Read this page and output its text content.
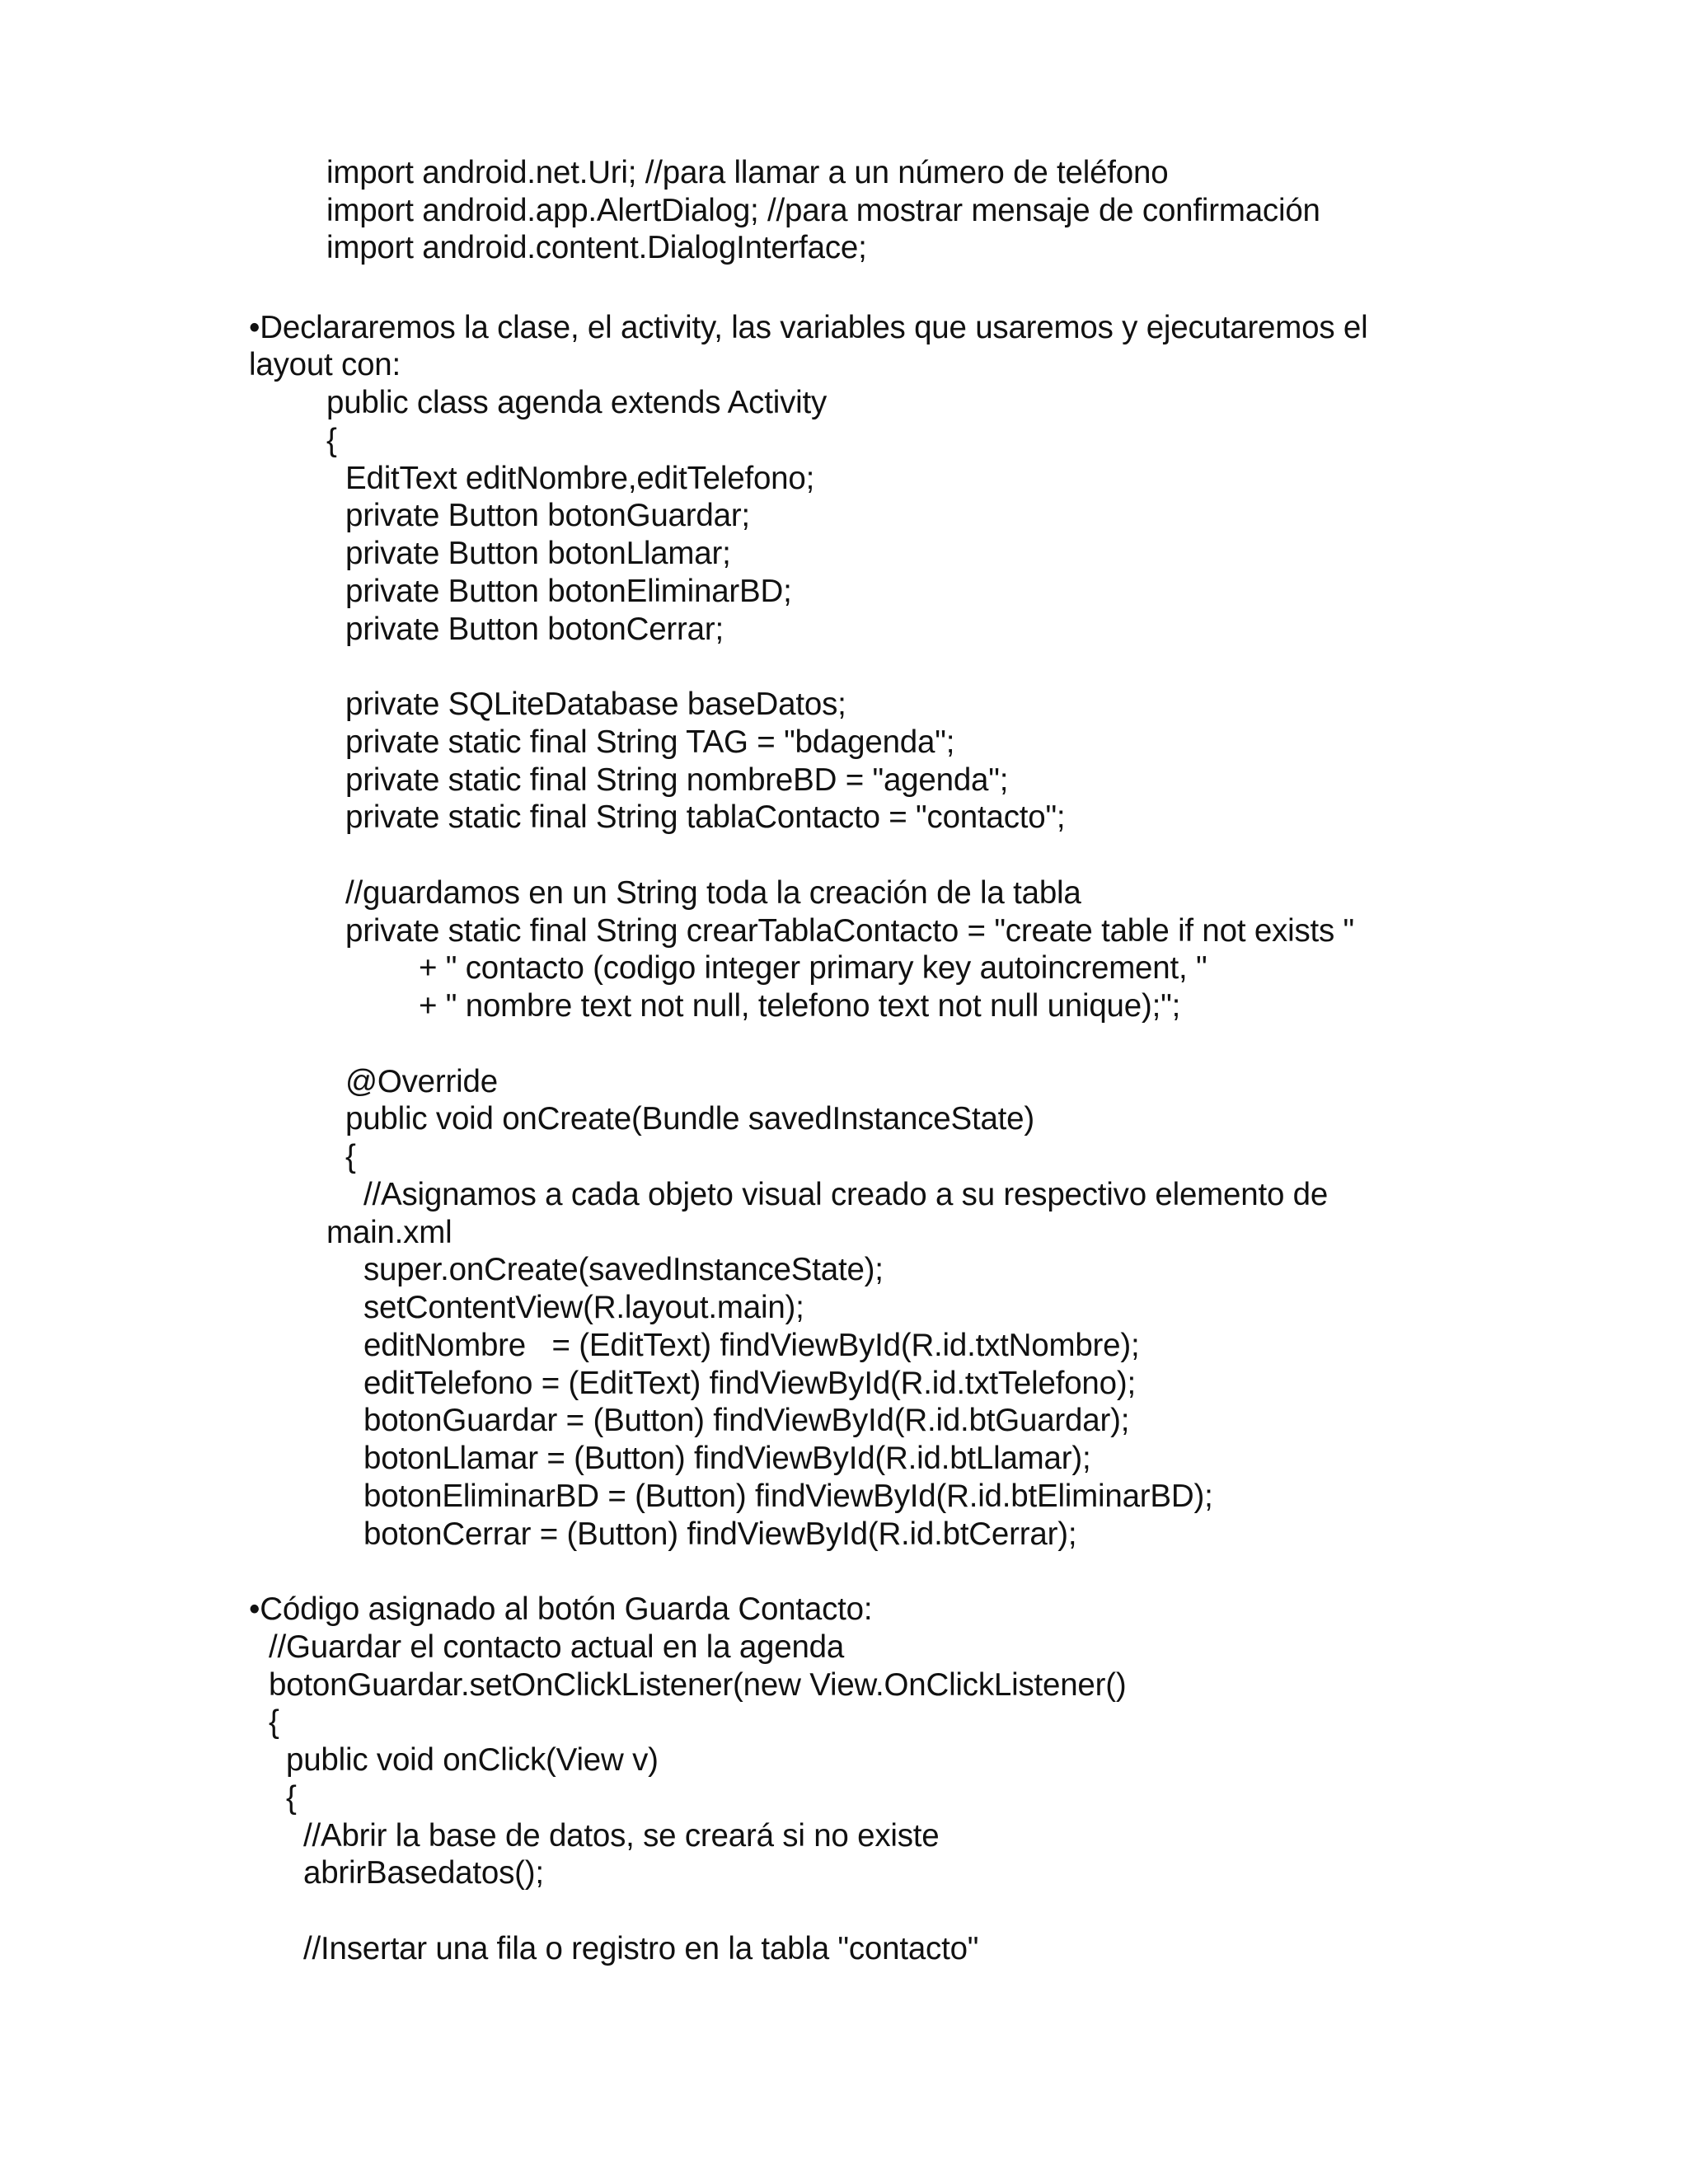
import android.net.Uri; //para llamar a un número de teléfono
import android.app.AlertDialog; //para mostrar mensaje de confirmación
import android.content.DialogInterface;
•Declararemos la clase, el activity, las variables que usaremos y ejecutaremos el
layout con:
public class agenda extends Activity
{
EditText editNombre,editTelefono;
private Button botonGuardar;
private Button botonLlamar;
private Button botonEliminarBD;
private Button botonCerrar;
private SQLiteDatabase baseDatos;
private static final String TAG = "bdagenda";
private static final String nombreBD = "agenda";
private static final String tablaContacto = "contacto";
//guardamos en un String toda la creación de la tabla
private static final String crearTablaContacto = "create table if not exists "
+ " contacto (codigo integer primary key autoincrement, "
+ " nombre text not null, telefono text not null unique);";
@Override
public void onCreate(Bundle savedInstanceState)
{
//Asignamos a cada objeto visual creado a su respectivo elemento de
main.xml
super.onCreate(savedInstanceState);
setContentView(R.layout.main);
editNombre   = (EditText) findViewById(R.id.txtNombre);
editTelefono = (EditText) findViewById(R.id.txtTelefono);
botonGuardar = (Button) findViewById(R.id.btGuardar);
botonLlamar = (Button) findViewById(R.id.btLlamar);
botonEliminarBD = (Button) findViewById(R.id.btEliminarBD);
botonCerrar = (Button) findViewById(R.id.btCerrar);
•Código asignado al botón Guarda Contacto:
//Guardar el contacto actual en la agenda
botonGuardar.setOnClickListener(new View.OnClickListener()
{
public void onClick(View v)
{
//Abrir la base de datos, se creará si no existe
abrirBasedatos();
//Insertar una fila o registro en la tabla "contacto"
